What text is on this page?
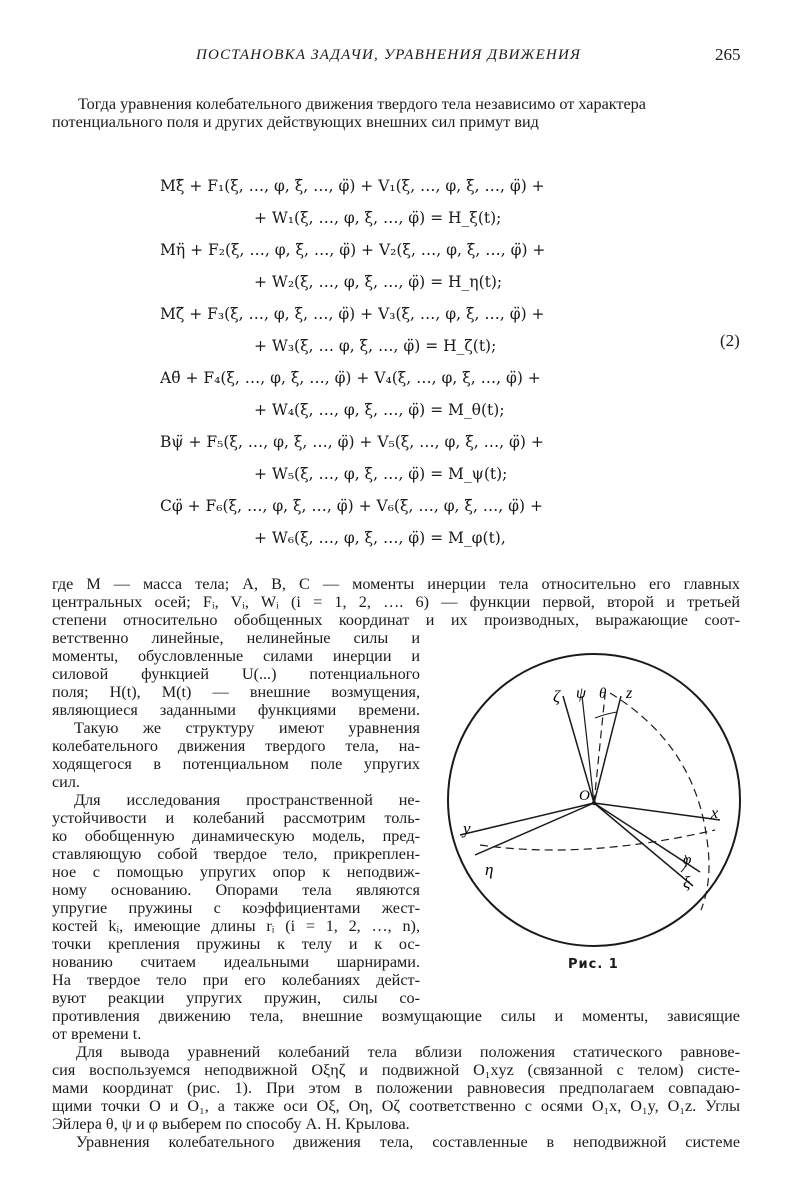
ПОСТАНОВКА ЗАДАЧИ, УРАВНЕНИЯ ДВИЖЕНИЯ	265
Тогда уравнения колебательного движения твердого тела независимо от характера
потенциального поля и других действующих внешних сил примут вид
Mξ̈ + F₁(ξ, …, φ, ξ̇, …, φ̈) + V₁(ξ, …, φ, ξ̇, …, φ̈) +
+ W₁(ξ, …, φ, ξ̇, …, φ̈) = H_ξ(t);
Mη̈ + F₂(ξ, …, φ, ξ̇, …, φ̈) + V₂(ξ, …, φ, ξ̇, …, φ̈) +
+ W₂(ξ, …, φ, ξ̇, …, φ̈) = H_η(t);
Mζ̈ + F₃(ξ, …, φ, ξ̇, …, φ̈) + V₃(ξ, …, φ, ξ̇, …, φ̈) +
+ W₃(ξ, … φ, ξ̇, …, φ̈) = H_ζ(t);
Aθ̈ + F₄(ξ, …, φ, ξ̇, …, φ̈) + V₄(ξ, …, φ, ξ̇, …, φ̈) +
+ W₄(ξ, …, φ, ξ̇, …, φ̈) = M_θ(t);
Bψ̈ + F₅(ξ, …, φ, ξ̇, …, φ̈) + V₅(ξ, …, φ, ξ̇, …, φ̈) +
+ W₅(ξ, …, φ, ξ̇, …, φ̈) = M_ψ(t);
Cφ̈ + F₆(ξ, …, φ, ξ̇, …, φ̈) + V₆(ξ, …, φ, ξ̇, …, φ̈) +
+ W₆(ξ, …, φ, ξ̇, …, φ̈) = M_φ(t),
(2)
где M — масса тела; A, B, C — моменты инерции тела относительно его главных
центральных осей; Fᵢ, Vᵢ, Wᵢ (i = 1, 2, …. 6) — функции первой, второй и третьей
степени относительно обобщенных координат и их производных, выражающие соот-
ветственно линейные, нелинейные силы и
моменты, обусловленные силами инерции и
силовой функцией U(...) потенциального
поля; H(t), M(t) — внешние возмущения,
являющиеся заданными функциями времени.
Такую же структуру имеют уравнения
колебательного движения твердого тела, на-
ходящегося в потенциальном поле упругих
сил.
Для исследования пространственной не-
устойчивости и колебаний рассмотрим толь-
ко обобщенную динамическую модель, пред-
ставляющую собой твердое тело, прикреплен-
ное с помощью упругих опор к неподвиж-
ному основанию. Опорами тела являются
упругие пружины с коэффициентами жест-
костей kᵢ, имеющие длины rᵢ (i = 1, 2, …, n),
точки крепления пружины к телу и к ос-
нованию считаем идеальными шарнирами.
На твердое тело при его колебаниях дейст-
вуют реакции упругих пружин, силы со-
противления движению тела, внешние возмущающие силы и моменты, зависящие
от времени t.
Для вывода уравнений колебаний тела вблизи положения статического равнове-
сия воспользуемся неподвижной Oξηζ и подвижной O₁xyz (связанной с телом) систе-
мами координат (рис. 1). При этом в положении равновесия предполагаем совпадаю-
щими точки O и O₁, а также оси Oξ, Oη, Oζ соответственно с осями O₁x, O₁y, O₁z. Углы
Эйлера θ, ψ и φ выберем по способу А. Н. Крылова.
Уравнения колебательного движения тела, составленные в неподвижной системе
ζ ψ θ z
O
x
y
η	φ
ξ
Рис. 1
